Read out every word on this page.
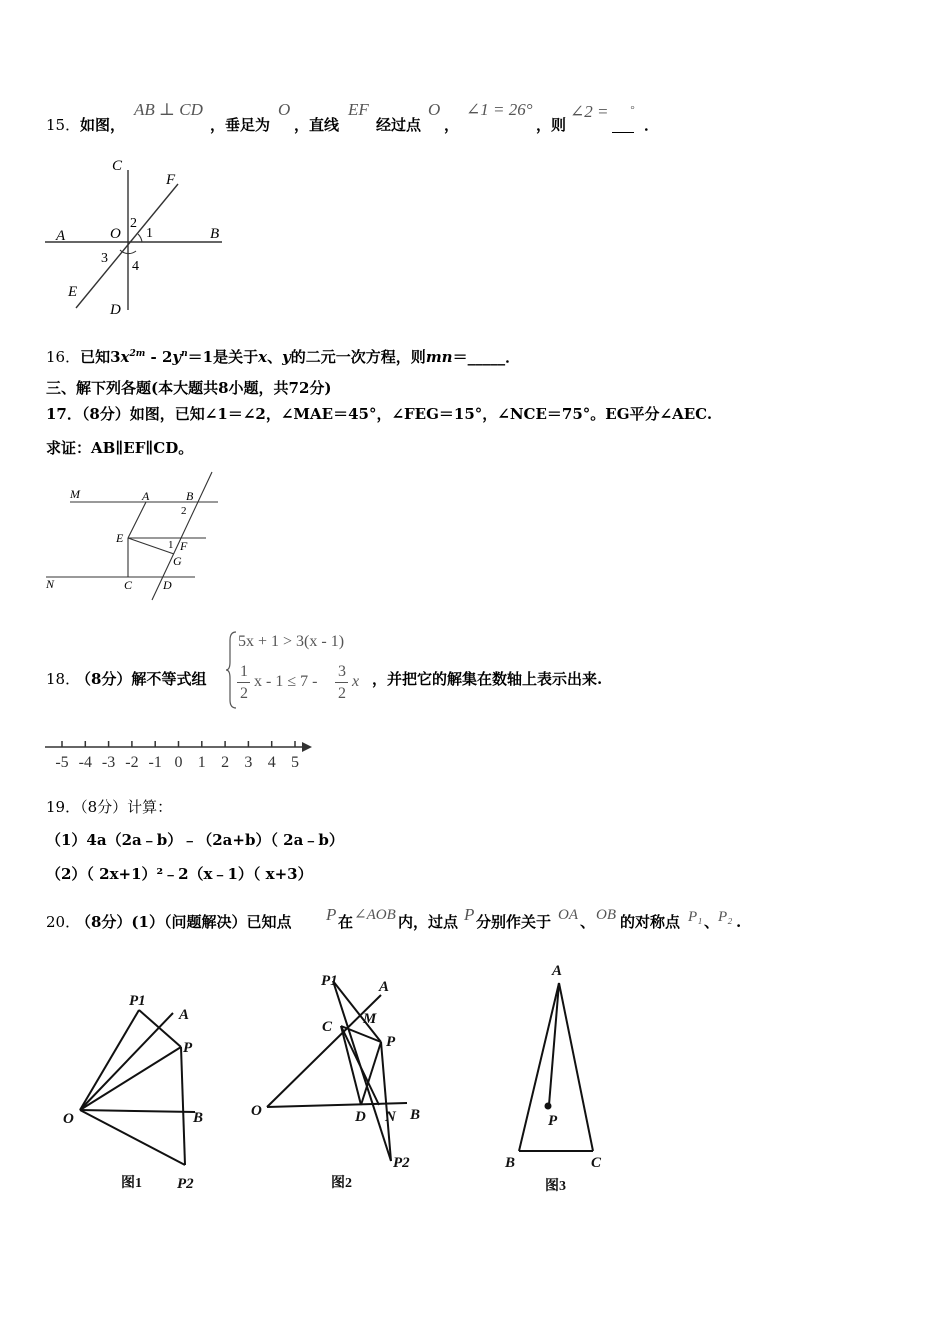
15． 如图，
AB ⊥ CD
，垂足为
O
，直线
EF
经过点
O
，
∠1 = 26°
，则
∠2 = °
．
C
F
A	O
2
1	B
3
4
E
D
16．已知$3x^{2m} - 2y^n=1$是关于x、y的二元一次方程，则mn＝_____．
三、解下列各题(本大题共8小题，共72分)
17．（8分）如图，已知∠1＝∠2，∠MAE＝45°，∠FEG＝15°，∠NCE＝75°。EG平分∠AEC.
求证：AB∥EF∥CD。
M	A	B
2
E	1 F
G
N	C	D
18．
（8分）解不等式组
5x + 1 > 3(x - 1)
1
2
x - 1 ≤ 7 -
3
2
x ，并把它的解集在数轴上表示出来.
-5 -4 -3 -2 -1 0 1 2 3 4 5
19．（8分）计算：
（1）4a（2a﹣b）﹣（2a+b）（ 2a﹣b）
（2）（ 2x+1）²﹣2（x﹣1）（ x+3）
20．
（8分）(1）（问题解决）已知点 P 在 ∠AOB 内，过点 P 分别作关于 OA 、 OB 的对称点 P₁ 、
P₂ .
P1
A
P
O	B
P2
图1
P1	A
C M
P
O	D N B
P2
图2
A
P
B	C
图3
